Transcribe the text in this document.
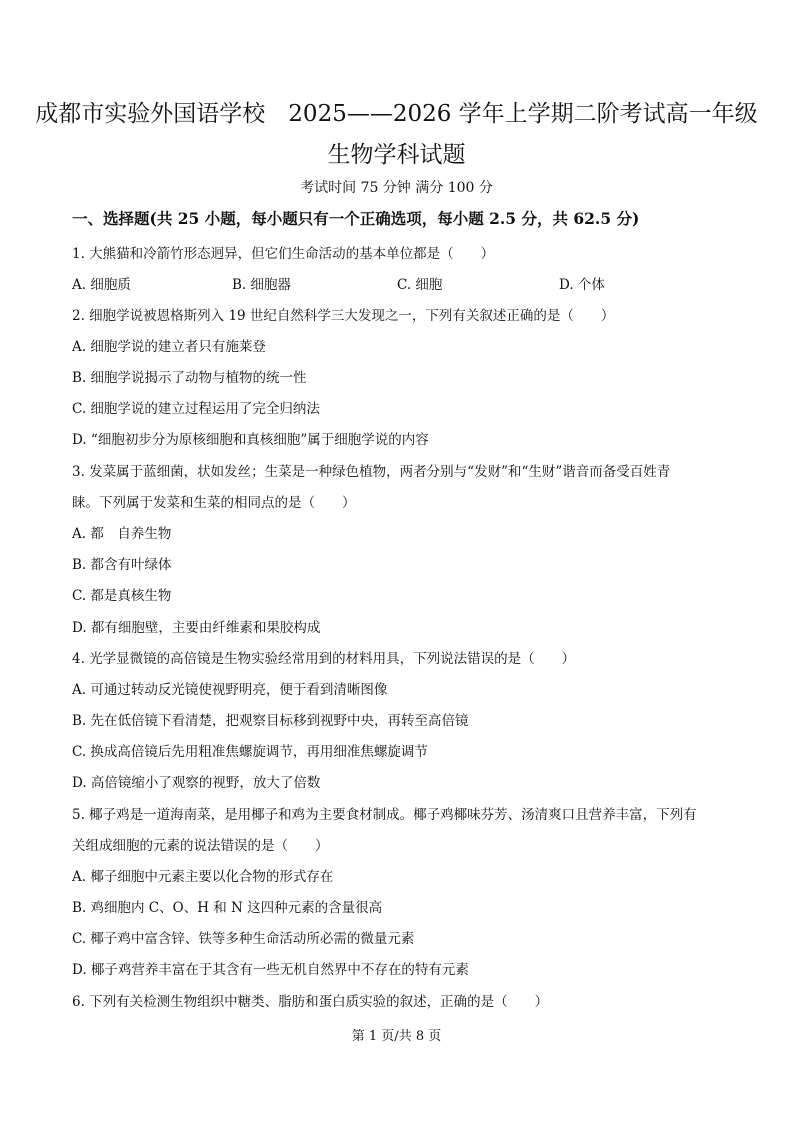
成都市实验外国语学校　2025——2026 学年上学期二阶考试高一年级
生物学科试题
考试时间 75 分钟 满分 100 分
一、选择题(共 25 小题，每小题只有一个正确选项，每小题 2.5 分，共 62.5 分)
1. 大熊猫和冷箭竹形态迥异，但它们生命活动的基本单位都是（　　）
A. 细胞质	B. 细胞器	C. 细胞	D. 个体
2. 细胞学说被恩格斯列入 19 世纪自然科学三大发现之一，下列有关叙述正确的是（　　）
A. 细胞学说的建立者只有施莱登
B. 细胞学说揭示了动物与植物的统一性
C. 细胞学说的建立过程运用了完全归纳法
D. “细胞初步分为原核细胞和真核细胞”属于细胞学说的内容
3. 发菜属于蓝细菌，状如发丝；生菜是一种绿色植物，两者分别与“发财”和“生财”谐音而备受百姓青
睐。下列属于发菜和生菜的相同点的是（　　）
A. 都　自养生物
B. 都含有叶绿体
C. 都是真核生物
D. 都有细胞壁，主要由纤维素和果胶构成
4. 光学显微镜的高倍镜是生物实验经常用到的材料用具，下列说法错误的是（　　）
A. 可通过转动反光镜使视野明亮，便于看到清晰图像
B. 先在低倍镜下看清楚，把观察目标移到视野中央，再转至高倍镜
C. 换成高倍镜后先用粗准焦螺旋调节，再用细准焦螺旋调节
D. 高倍镜缩小了观察的视野，放大了倍数
5. 椰子鸡是一道海南菜，是用椰子和鸡为主要食材制成。椰子鸡椰味芬芳、汤清爽口且营养丰富，下列有
关组成细胞的元素的说法错误的是（　　）
A. 椰子细胞中元素主要以化合物的形式存在
B. 鸡细胞内 C、O、H 和 N 这四种元素的含量很高
C. 椰子鸡中富含锌、铁等多种生命活动所必需的微量元素
D. 椰子鸡营养丰富在于其含有一些无机自然界中不存在的特有元素
6. 下列有关检测生物组织中糖类、脂肪和蛋白质实验的叙述，正确的是（　　）
第 1 页/共 8 页
